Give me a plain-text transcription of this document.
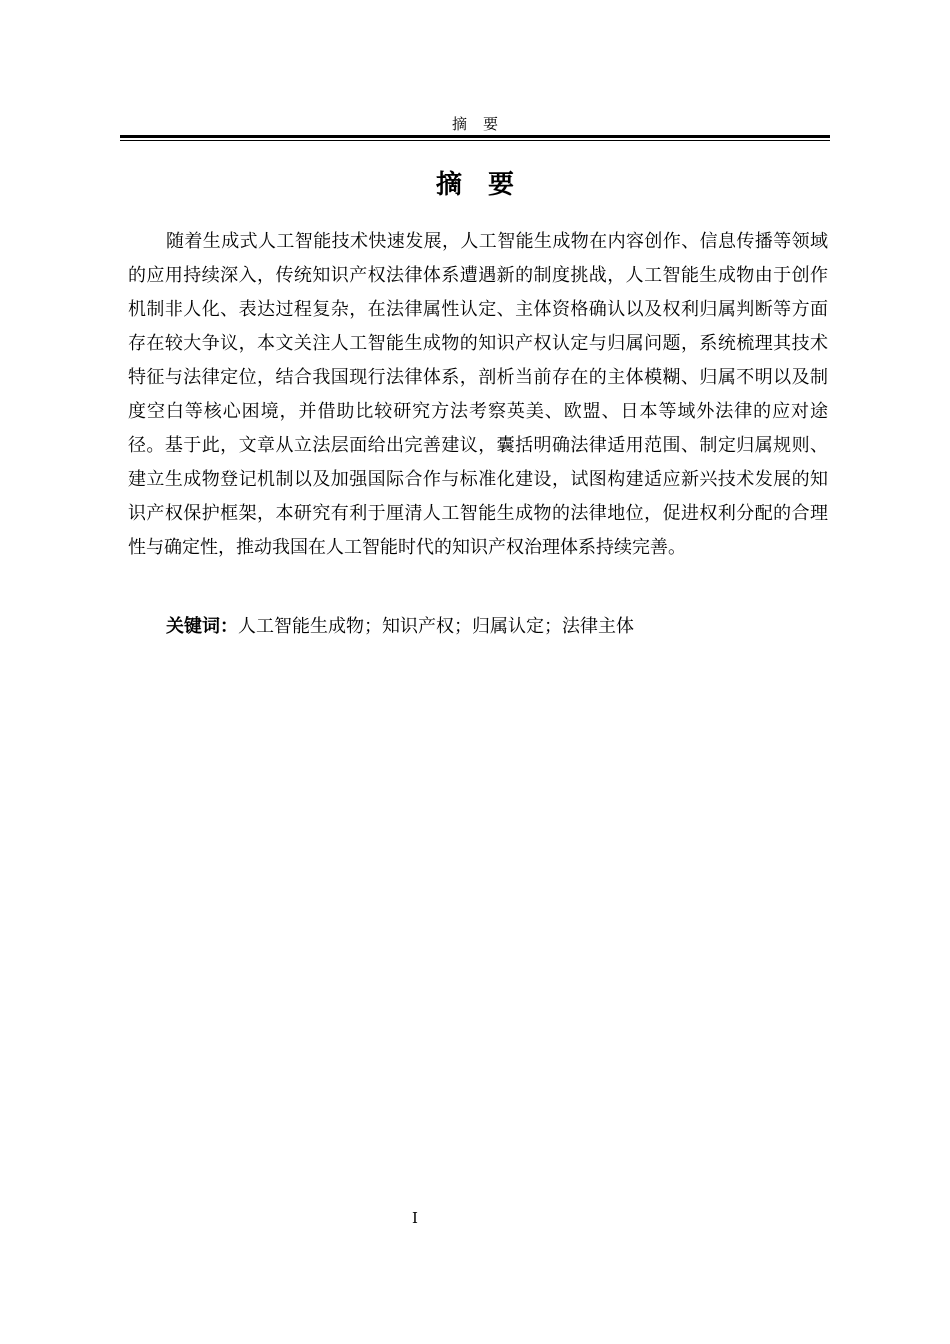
摘要
摘要

随着生成式人工智能技术快速发展，人工智能生成物在内容创作、信息传播等领域的应用持续深入，传统知识产权法律体系遭遇新的制度挑战，人工智能生成物由于创作机制非人化、表达过程复杂，在法律属性认定、主体资格确认以及权利归属判断等方面存在较大争议，本文关注人工智能生成物的知识产权认定与归属问题，系统梳理其技术特征与法律定位，结合我国现行法律体系，剖析当前存在的主体模糊、归属不明以及制度空白等核心困境，并借助比较研究方法考察英美、欧盟、日本等域外法律的应对途径。基于此，文章从立法层面给出完善建议，囊括明确法律适用范围、制定归属规则、建立生成物登记机制以及加强国际合作与标准化建设，试图构建适应新兴技术发展的知识产权保护框架，本研究有利于厘清人工智能生成物的法律地位，促进权利分配的合理性与确定性，推动我国在人工智能时代的知识产权治理体系持续完善。

关键词：人工智能生成物；知识产权；归属认定；法律主体

I
